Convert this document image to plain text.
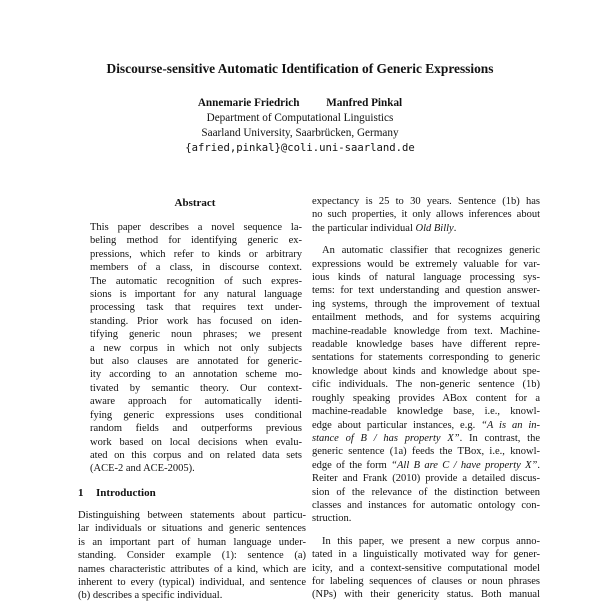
Discourse-sensitive Automatic Identification of Generic Expressions
Annemarie Friedrich Manfred Pinkal
Department of Computational Linguistics
Saarland University, Saarbrücken, Germany
{afried,pinkal}@coli.uni-saarland.de
Abstract
This paper describes a novel sequence la-
beling method for identifying generic ex-
pressions, which refer to kinds or arbitrary
members of a class, in discourse context.
The automatic recognition of such expres-
sions is important for any natural language
processing task that requires text under-
standing. Prior work has focused on iden-
tifying generic noun phrases; we present
a new corpus in which not only subjects
but also clauses are annotated for generic-
ity according to an annotation scheme mo-
tivated by semantic theory. Our context-
aware approach for automatically identi-
fying generic expressions uses conditional
random fields and outperforms previous
work based on local decisions when evalu-
ated on this corpus and on related data sets
(ACE-2 and ACE-2005).
1 Introduction
Distinguishing between statements about particu-
lar individuals or situations and generic sentences
is an important part of human language under-
standing. Consider example (1): sentence (a)
names characteristic attributes of a kind, which are
inherent to every (typical) individual, and sentence
(b) describes a specific individual.
expectancy is 25 to 30 years. Sentence (1b) has
no such properties, it only allows inferences about
the particular individual Old Billy.
An automatic classifier that recognizes generic
expressions would be extremely valuable for var-
ious kinds of natural language processing sys-
tems: for text understanding and question answer-
ing systems, through the improvement of textual
entailment methods, and for systems acquiring
machine-readable knowledge from text. Machine-
readable knowledge bases have different repre-
sentations for statements corresponding to generic
knowledge about kinds and knowledge about spe-
cific individuals. The non-generic sentence (1b)
roughly speaking provides ABox content for a
machine-readable knowledge base, i.e., knowl-
edge about particular instances, e.g. “A is an in-
stance of B / has property X”. In contrast, the
generic sentence (1a) feeds the TBox, i.e., knowl-
edge of the form “All B are C / have property X”.
Reiter and Frank (2010) provide a detailed discus-
sion of the relevance of the distinction between
classes and instances for automatic ontology con-
struction.
In this paper, we present a new corpus anno-
tated in a linguistically motivated way for gener-
icity, and a context-sensitive computational model
for labeling sequences of clauses or noun phrases
(NPs) with their genericity status. Both manual
